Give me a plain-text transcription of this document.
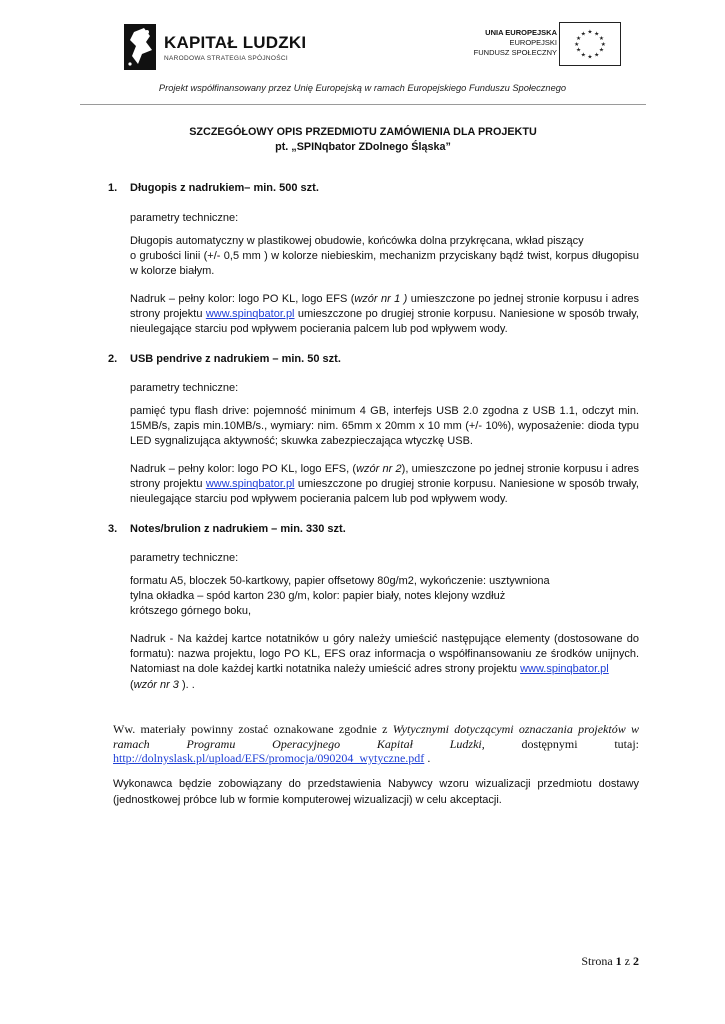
KAPITAŁ LUDZKI
NARODOWA STRATEGIA SPÓJNOŚCI
UNIA EUROPEJSKA
EUROPEJSKI
FUNDUSZ SPOŁECZNY
★ ★
★
★
★
★
★
★
★
★
★
★
Projekt współfinansowany przez Unię Europejską w ramach Europejskiego Funduszu Społecznego
SZCZEGÓŁOWY OPIS PRZEDMIOTU ZAMÓWIENIA DLA PROJEKTU
pt. „SPINqbator ZDolnego Śląska”
1. Długopis z nadrukiem– min. 500 szt.
parametry techniczne:
Długopis automatyczny w plastikowej obudowie, końcówka dolna przykręcana, wkład piszący
o grubości linii (+/- 0,5 mm ) w kolorze niebieskim, mechanizm przyciskany bądź twist, korpus długopisu w kolorze białym.
Nadruk – pełny kolor: logo PO KL, logo EFS (wzór nr 1 ) umieszczone po jednej stronie korpusu i adres strony projektu www.spinqbator.pl umieszczone po drugiej stronie korpusu. Naniesione w sposób trwały, nieulegające starciu pod wpływem pocierania palcem lub pod wpływem wody.
2. USB pendrive z nadrukiem – min. 50 szt.
parametry techniczne:
pamięć typu flash drive: pojemność minimum 4 GB, interfejs USB 2.0 zgodna z USB 1.1, odczyt min. 15MB/s, zapis min.10MB/s., wymiary: nim. 65mm x 20mm x 10 mm (+/- 10%), wyposażenie: dioda typu LED sygnalizująca aktywność; skuwka zabezpieczająca wtyczkę USB.
Nadruk – pełny kolor: logo PO KL, logo EFS, (wzór nr 2), umieszczone po jednej stronie korpusu i adres strony projektu www.spinqbator.pl umieszczone po drugiej stronie korpusu. Naniesione w sposób trwały, nieulegające starciu pod wpływem pocierania palcem lub pod wpływem wody.
3. Notes/brulion z nadrukiem – min. 330 szt.
parametry techniczne:
formatu A5, bloczek 50-kartkowy, papier offsetowy 80g/m2, wykończenie: usztywniona
tylna okładka – spód karton 230 g/m, kolor: papier biały, notes klejony wzdłuż
krótszego górnego boku,
Nadruk - Na każdej kartce notatników u góry należy umieścić następujące elementy (dostosowane do formatu): nazwa projektu, logo PO KL, EFS oraz informacja o współfinansowaniu ze środków unijnych. Natomiast na dole każdej kartki notatnika należy umieścić adres strony projektu www.spinqbator.pl
(wzór nr 3 ). .
Ww. materiały powinny zostać oznakowane zgodnie z Wytycznymi dotyczącymi oznaczania projektów w
ramach Programu Operacyjnego Kapitał Ludzki,	dostępnymi tutaj:
http://dolnyslask.pl/upload/EFS/promocja/090204_wytyczne.pdf .
Wykonawca będzie zobowiązany do przedstawienia Nabywcy wzoru wizualizacji przedmiotu dostawy (jednostkowej próbce lub w formie komputerowej wizualizacji) w celu akceptacji.
Strona 1 z 2
